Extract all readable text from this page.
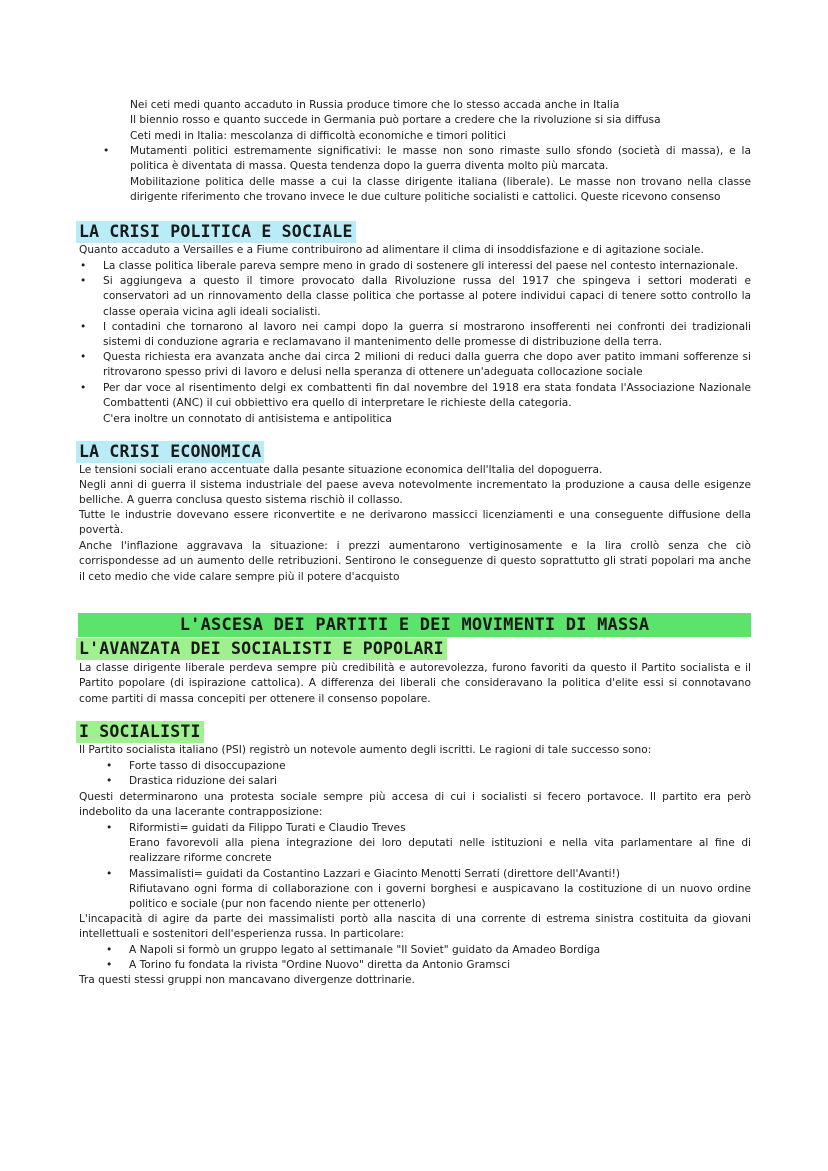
Nei ceti medi quanto accaduto in Russia produce timore che lo stesso accada anche in Italia
Il biennio rosso e quanto succede in Germania può portare a credere che la rivoluzione si sia diffusa
Ceti medi in Italia: mescolanza di difficoltà economiche e timori politici
• Mutamenti politici estremamente significativi: le masse non sono rimaste sullo sfondo (società di massa), e la politica è diventata di massa. Questa tendenza dopo la guerra diventa molto più marcata.
Mobilitazione politica delle masse a cui la classe dirigente italiana (liberale). Le masse non trovano nella classe dirigente riferimento che trovano invece le due culture politiche socialisti e cattolici. Queste ricevono consenso
LA CRISI POLITICA E SOCIALE
Quanto accaduto a Versailles e a Fiume contribuirono ad alimentare il clima di insoddisfazione e di agitazione sociale.
• La classe politica liberale pareva sempre meno in grado di sostenere gli interessi del paese nel contesto internazionale.
• Si aggiungeva a questo il timore provocato dalla Rivoluzione russa del 1917 che spingeva i settori moderati e conservatori ad un rinnovamento della classe politica che portasse al potere individui capaci di tenere sotto controllo la classe operaia vicina agli ideali socialisti.
• I contadini che tornarono al lavoro nei campi dopo la guerra si mostrarono insofferenti nei confronti dei tradizionali sistemi di conduzione agraria e reclamavano il mantenimento delle promesse di distribuzione della terra.
• Questa richiesta era avanzata anche dai circa 2 milioni di reduci dalla guerra che dopo aver patito immani sofferenze si ritrovarono spesso privi di lavoro e delusi nella speranza di ottenere un'adeguata collocazione sociale
• Per dar voce al risentimento delgi ex combattenti fin dal novembre del 1918 era stata fondata l'Associazione Nazionale Combattenti (ANC) il cui obbiettivo era quello di interpretare le richieste della categoria.
C'era inoltre un connotato di antisistema e antipolitica
LA CRISI ECONOMICA
Le tensioni sociali erano accentuate dalla pesante situazione economica dell'Italia del dopoguerra.
Negli anni di guerra il sistema industriale del paese aveva notevolmente incrementato la produzione a causa delle esigenze belliche. A guerra conclusa questo sistema rischiò il collasso.
Tutte le industrie dovevano essere riconvertite e ne derivarono massicci licenziamenti e una conseguente diffusione della povertà.
Anche l'inflazione aggravava la situazione: i prezzi aumentarono vertiginosamente e la lira crollò senza che ciò corrispondesse ad un aumento delle retribuzioni. Sentirono le conseguenze di questo soprattutto gli strati popolari ma anche il ceto medio che vide calare sempre più il potere d'acquisto
L'ASCESA DEI PARTITI E DEI MOVIMENTI DI MASSA
L'AVANZATA DEI SOCIALISTI E POPOLARI
La classe dirigente liberale perdeva sempre più credibilità e autorevolezza, furono favoriti da questo il Partito socialista e il Partito popolare (di ispirazione cattolica). A differenza dei liberali che consideravano la politica d'elite essi si connotavano come partiti di massa concepiti per ottenere il consenso popolare.
I SOCIALISTI
Il Partito socialista italiano (PSI) registrò un notevole aumento degli iscritti. Le ragioni di tale successo sono:
• Forte tasso di disoccupazione
• Drastica riduzione dei salari
Questi determinarono una protesta sociale sempre più accesa di cui i socialisti si fecero portavoce. Il partito era però indebolito da una lacerante contrapposizione:
• Riformisti= guidati da Filippo Turati e Claudio Treves
Erano favorevoli alla piena integrazione dei loro deputati nelle istituzioni e nella vita parlamentare al fine di realizzare riforme concrete
• Massimalisti= guidati da Costantino Lazzari e Giacinto Menotti Serrati (direttore dell'Avanti!)
Rifiutavano ogni forma di collaborazione con i governi borghesi e auspicavano la costituzione di un nuovo ordine politico e sociale (pur non facendo niente per ottenerlo)
L'incapacità di agire da parte dei massimalisti portò alla nascita di una corrente di estrema sinistra costituita da giovani intellettuali e sostenitori dell'esperienza russa. In particolare:
• A Napoli si formò un gruppo legato al settimanale "Il Soviet" guidato da Amadeo Bordiga
• A Torino fu fondata la rivista "Ordine Nuovo" diretta da Antonio Gramsci
Tra questi stessi gruppi non mancavano divergenze dottrinarie.
